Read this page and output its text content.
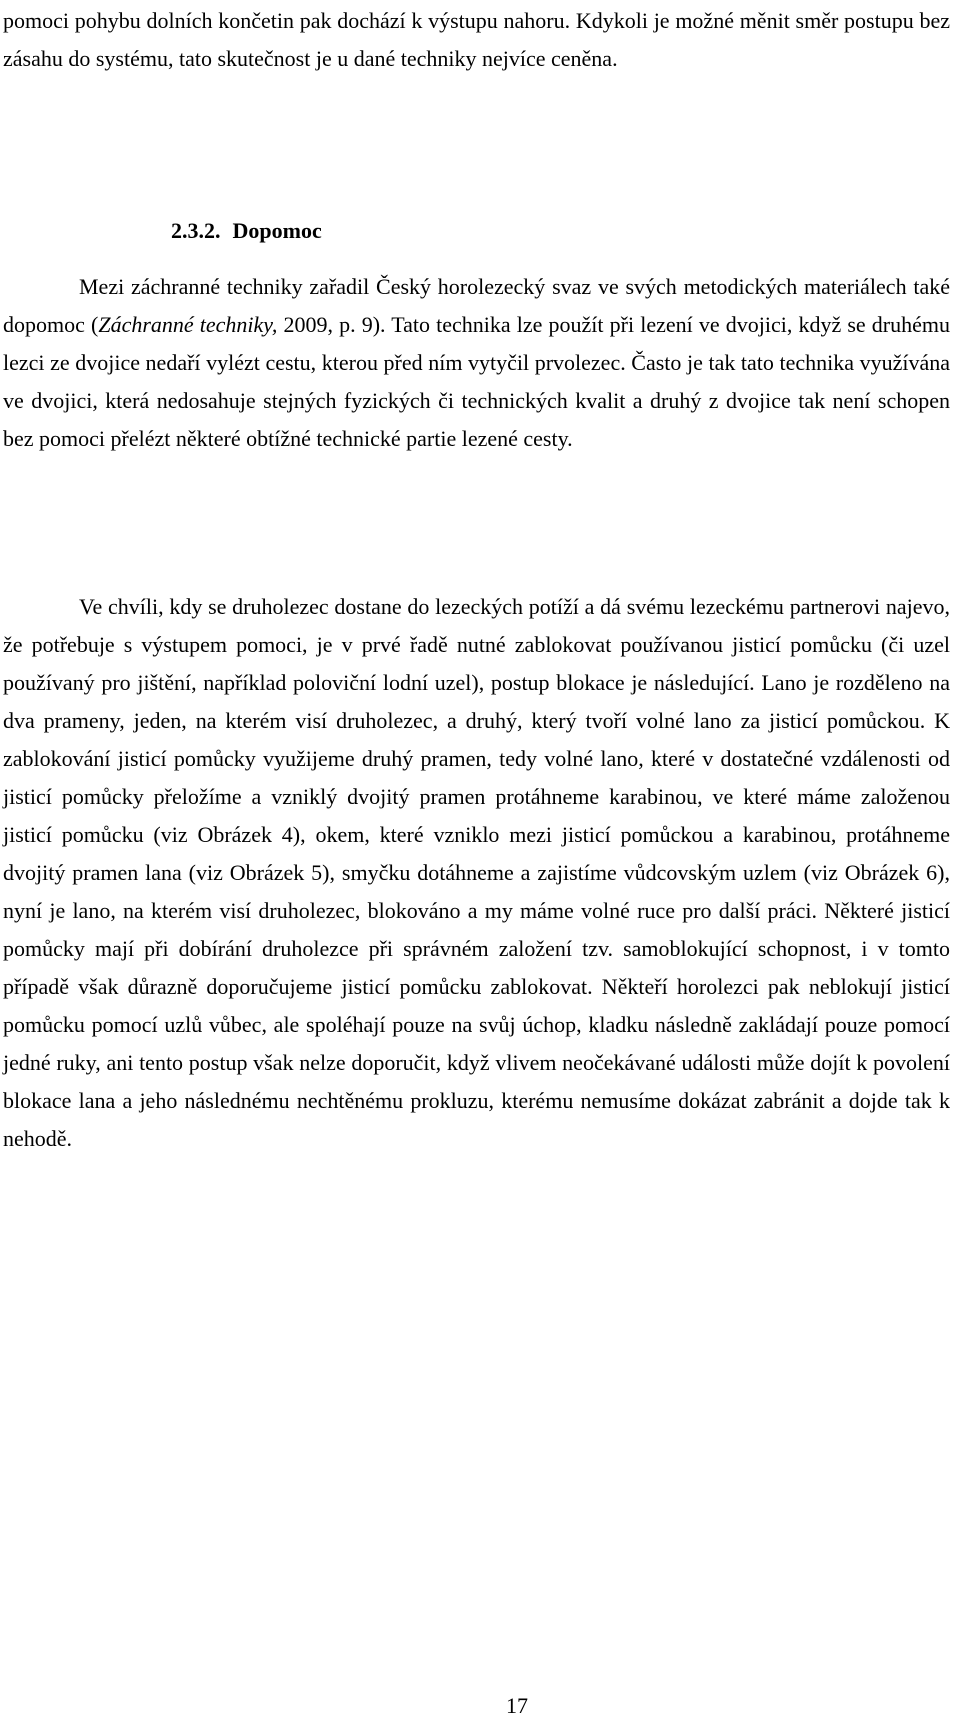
pomoci pohybu dolních končetin pak dochází k výstupu nahoru. Kdykoli je možné měnit směr postupu bez zásahu do systému, tato skutečnost je u dané techniky nejvíce ceněna.

2.3.2. Dopomoc

Mezi záchranné techniky zařadil Český horolezecký svaz ve svých metodických materiálech také dopomoc (Záchranné techniky, 2009, p. 9). Tato technika lze použít při lezení ve dvojici, když se druhému lezci ze dvojice nedaří vylézt cestu, kterou před ním vytyčil prvolezec. Často je tak tato technika využívána ve dvojici, která nedosahuje stejných fyzických či technických kvalit a druhý z dvojice tak není schopen bez pomoci přelézt některé obtížné technické partie lezené cesty.

Ve chvíli, kdy se druholezec dostane do lezeckých potíží a dá svému lezeckému partnerovi najevo, že potřebuje s výstupem pomoci, je v prvé řadě nutné zablokovat používanou jisticí pomůcku (či uzel používaný pro jištění, například poloviční lodní uzel), postup blokace je následující. Lano je rozděleno na dva prameny, jeden, na kterém visí druholezec, a druhý, který tvoří volné lano za jisticí pomůckou. K zablokování jisticí pomůcky využijeme druhý pramen, tedy volné lano, které v dostatečné vzdálenosti od jisticí pomůcky přeložíme a vzniklý dvojitý pramen protáhneme karabinou, ve které máme založenou jisticí pomůcku (viz Obrázek 4), okem, které vzniklo mezi jisticí pomůckou a karabinou, protáhneme dvojitý pramen lana (viz Obrázek 5), smyčku dotáhneme a zajistíme vůdcovským uzlem (viz Obrázek 6), nyní je lano, na kterém visí druholezec, blokováno a my máme volné ruce pro další práci. Některé jisticí pomůcky mají při dobírání druholezce při správném založení tzv. samoblokující schopnost, i v tomto případě však důrazně doporučujeme jisticí pomůcku zablokovat. Někteří horolezci pak neblokují jisticí pomůcku pomocí uzlů vůbec, ale spoléhají pouze na svůj úchop, kladku následně zakládají pouze pomocí jedné ruky, ani tento postup však nelze doporučit, když vlivem neočekávané události může dojít k povolení blokace lana a jeho následnému nechtěnému prokluzu, kterému nemusíme dokázat zabránit a dojde tak k nehodě.

17
